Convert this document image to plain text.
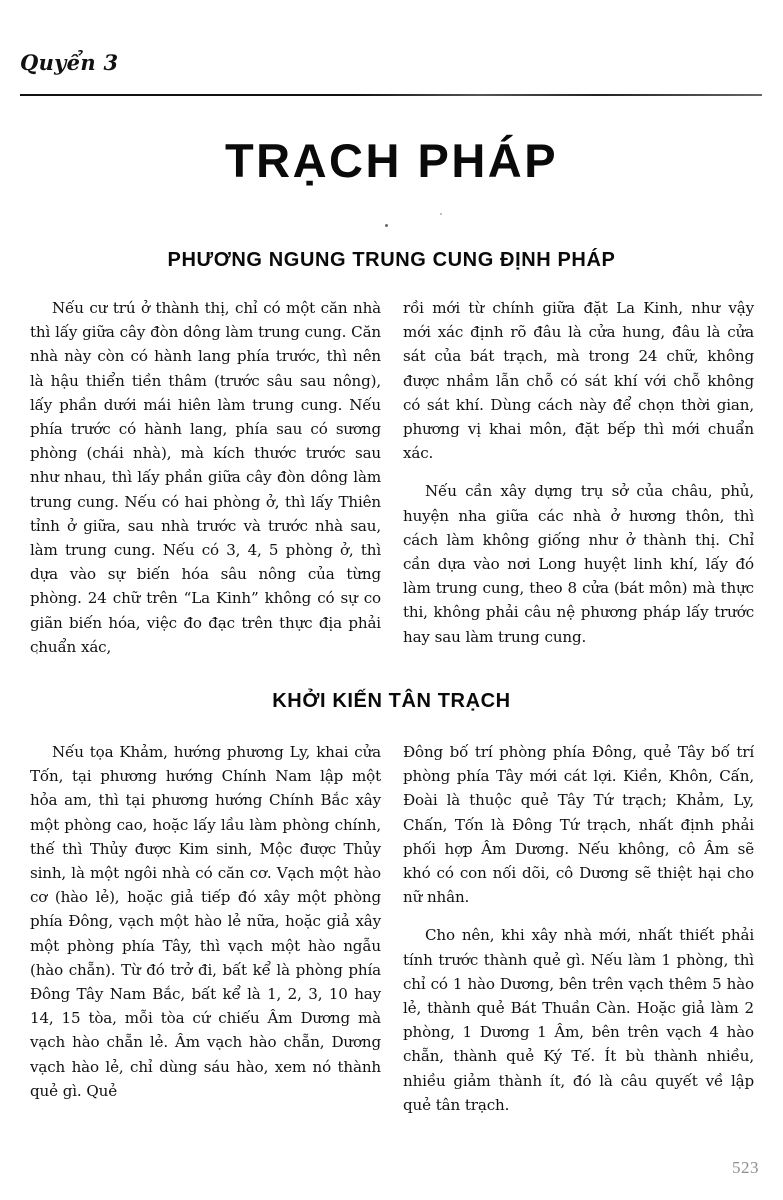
Quyển 3
TRẠCH PHÁP
PHƯƠNG NGUNG TRUNG CUNG ĐỊNH PHÁP

Nếu cư trú ở thành thị, chỉ có một căn nhà thì lấy giữa cây đòn dông làm trung cung. Căn nhà này còn có hành lang phía trước, thì nên là hậu thiển tiền thâm (trước sâu sau nông), lấy phần dưới mái hiên làm trung cung. Nếu phía trước có hành lang, phía sau có sương phòng (chái nhà), mà kích thước trước sau như nhau, thì lấy phần giữa cây đòn dông làm trung cung. Nếu có hai phòng ở, thì lấy Thiên tỉnh ở giữa, sau nhà trước và trước nhà sau, làm trung cung. Nếu có 3, 4, 5 phòng ở, thì dựa vào sự biến hóa sâu nông của từng phòng. 24 chữ trên “La Kinh” không có sự co giãn biến hóa, việc đo đạc trên thực địa phải chuẩn xác,

rồi mới từ chính giữa đặt La Kinh, như vậy mới xác định rõ đâu là cửa hung, đâu là cửa sát của bát trạch, mà trong 24 chữ, không được nhầm lẫn chỗ có sát khí với chỗ không có sát khí. Dùng cách này để chọn thời gian, phương vị khai môn, đặt bếp thì mới chuẩn xác.

Nếu cần xây dựng trụ sở của châu, phủ, huyện nha giữa các nhà ở hương thôn, thì cách làm không giống như ở thành thị. Chỉ cần dựa vào nơi Long huyệt linh khí, lấy đó làm trung cung, theo 8 cửa (bát môn) mà thực thi, không phải câu nệ phương pháp lấy trước hay sau làm trung cung.

KHỞI KIẾN TÂN TRẠCH

Nếu tọa Khảm, hướng phương Ly, khai cửa Tốn, tại phương hướng Chính Nam lập một hỏa am, thì tại phương hướng Chính Bắc xây một phòng cao, hoặc lấy lầu làm phòng chính, thế thì Thủy được Kim sinh, Mộc được Thủy sinh, là một ngôi nhà có căn cơ. Vạch một hào cơ (hào lẻ), hoặc giả tiếp đó xây một phòng phía Đông, vạch một hào lẻ nữa, hoặc giả xây một phòng phía Tây, thì vạch một hào ngẫu (hào chẵn). Từ đó trở đi, bất kể là phòng phía Đông Tây Nam Bắc, bất kể là 1, 2, 3, 10 hay 14, 15 tòa, mỗi tòa cứ chiếu Âm Dương mà vạch hào chẵn lẻ. Âm vạch hào chẵn, Dương vạch hào lẻ, chỉ dùng sáu hào, xem nó thành quẻ gì. Quẻ

Đông bố trí phòng phía Đông, quẻ Tây bố trí phòng phía Tây mới cát lợi. Kiền, Khôn, Cấn, Đoài là thuộc quẻ Tây Tứ trạch; Khảm, Ly, Chấn, Tốn là Đông Tứ trạch, nhất định phải phối hợp Âm Dương. Nếu không, cô Âm sẽ khó có con nối dõi, cô Dương sẽ thiệt hại cho nữ nhân.

Cho nên, khi xây nhà mới, nhất thiết phải tính trước thành quẻ gì. Nếu làm 1 phòng, thì chỉ có 1 hào Dương, bên trên vạch thêm 5 hào lẻ, thành quẻ Bát Thuần Càn. Hoặc giả làm 2 phòng, 1 Dương 1 Âm, bên trên vạch 4 hào chẵn, thành quẻ Ký Tế. Ít bù thành nhiều, nhiều giảm thành ít, đó là câu quyết về lập quẻ tân trạch.

523
